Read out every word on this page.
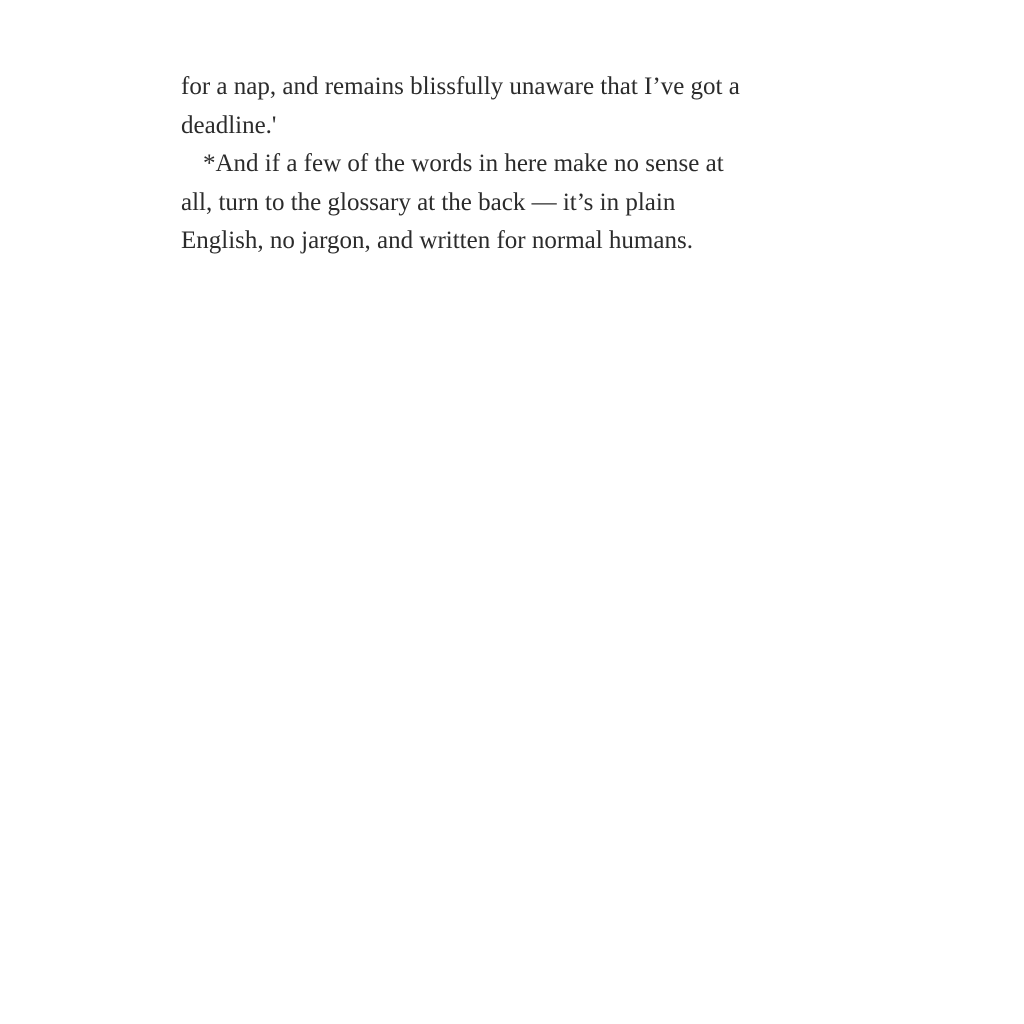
for a nap, and remains blissfully unaware that I’ve got a
deadline.'
*And if a few of the words in here make no sense at
all, turn to the glossary at the back — it’s in plain
English, no jargon, and written for normal humans.
